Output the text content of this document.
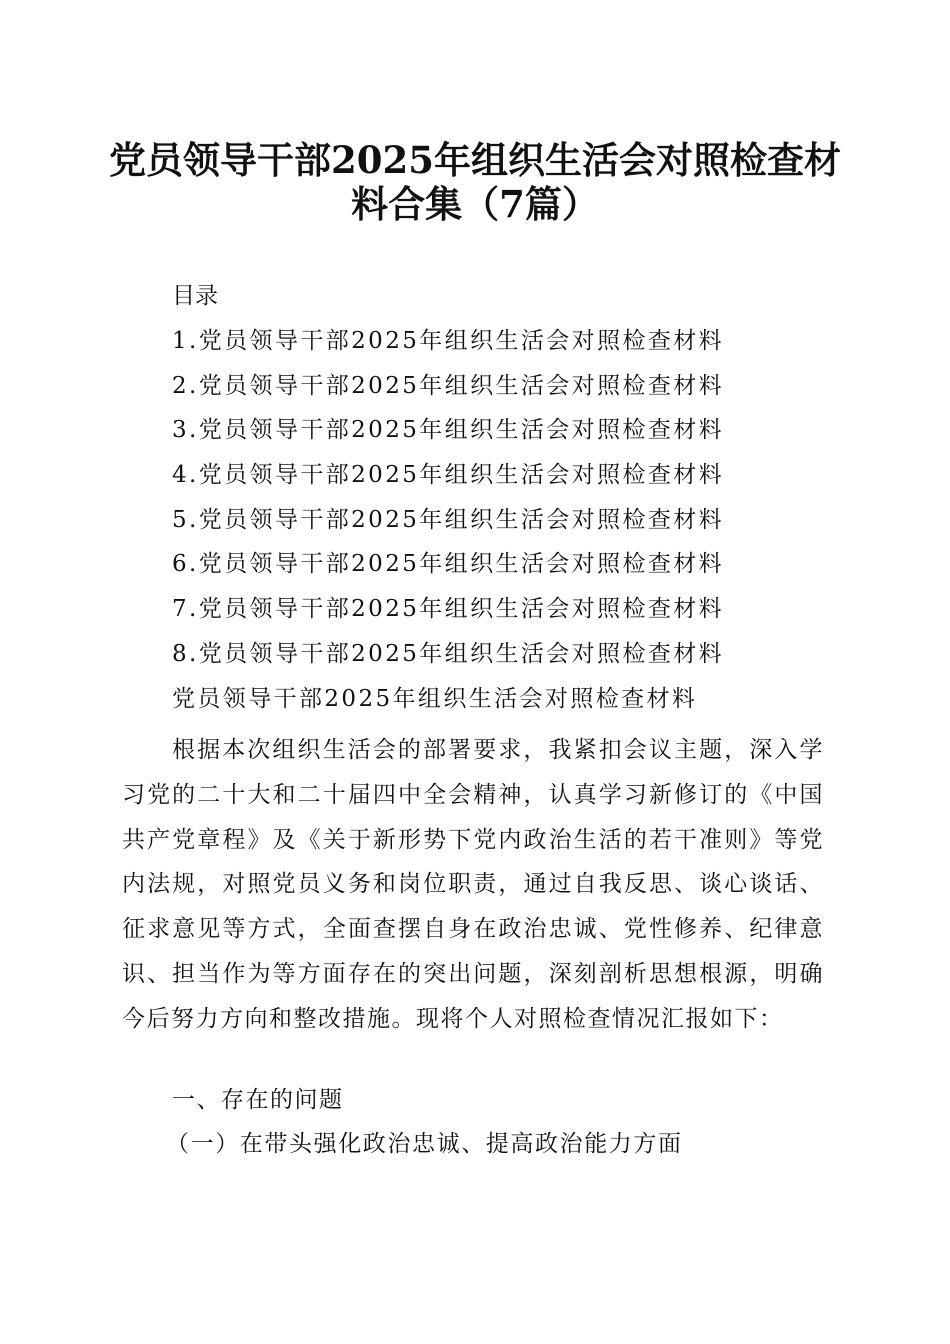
党员领导干部2025年组织生活会对照检查材
料合集（7篇）
目录
1.党员领导干部2025年组织生活会对照检查材料
2.党员领导干部2025年组织生活会对照检查材料
3.党员领导干部2025年组织生活会对照检查材料
4.党员领导干部2025年组织生活会对照检查材料
5.党员领导干部2025年组织生活会对照检查材料
6.党员领导干部2025年组织生活会对照检查材料
7.党员领导干部2025年组织生活会对照检查材料
8.党员领导干部2025年组织生活会对照检查材料
党员领导干部2025年组织生活会对照检查材料

根据本次组织生活会的部署要求，我紧扣会议主题，深入学习党的二十大和二十届四中全会精神，认真学习新修订的《中国共产党章程》及《关于新形势下党内政治生活的若干准则》等党内法规，对照党员义务和岗位职责，通过自我反思、谈心谈话、征求意见等方式，全面查摆自身在政治忠诚、党性修养、纪律意识、担当作为等方面存在的突出问题，深刻剖析思想根源，明确今后努力方向和整改措施。现将个人对照检查情况汇报如下：

一、存在的问题
（一）在带头强化政治忠诚、提高政治能力方面
